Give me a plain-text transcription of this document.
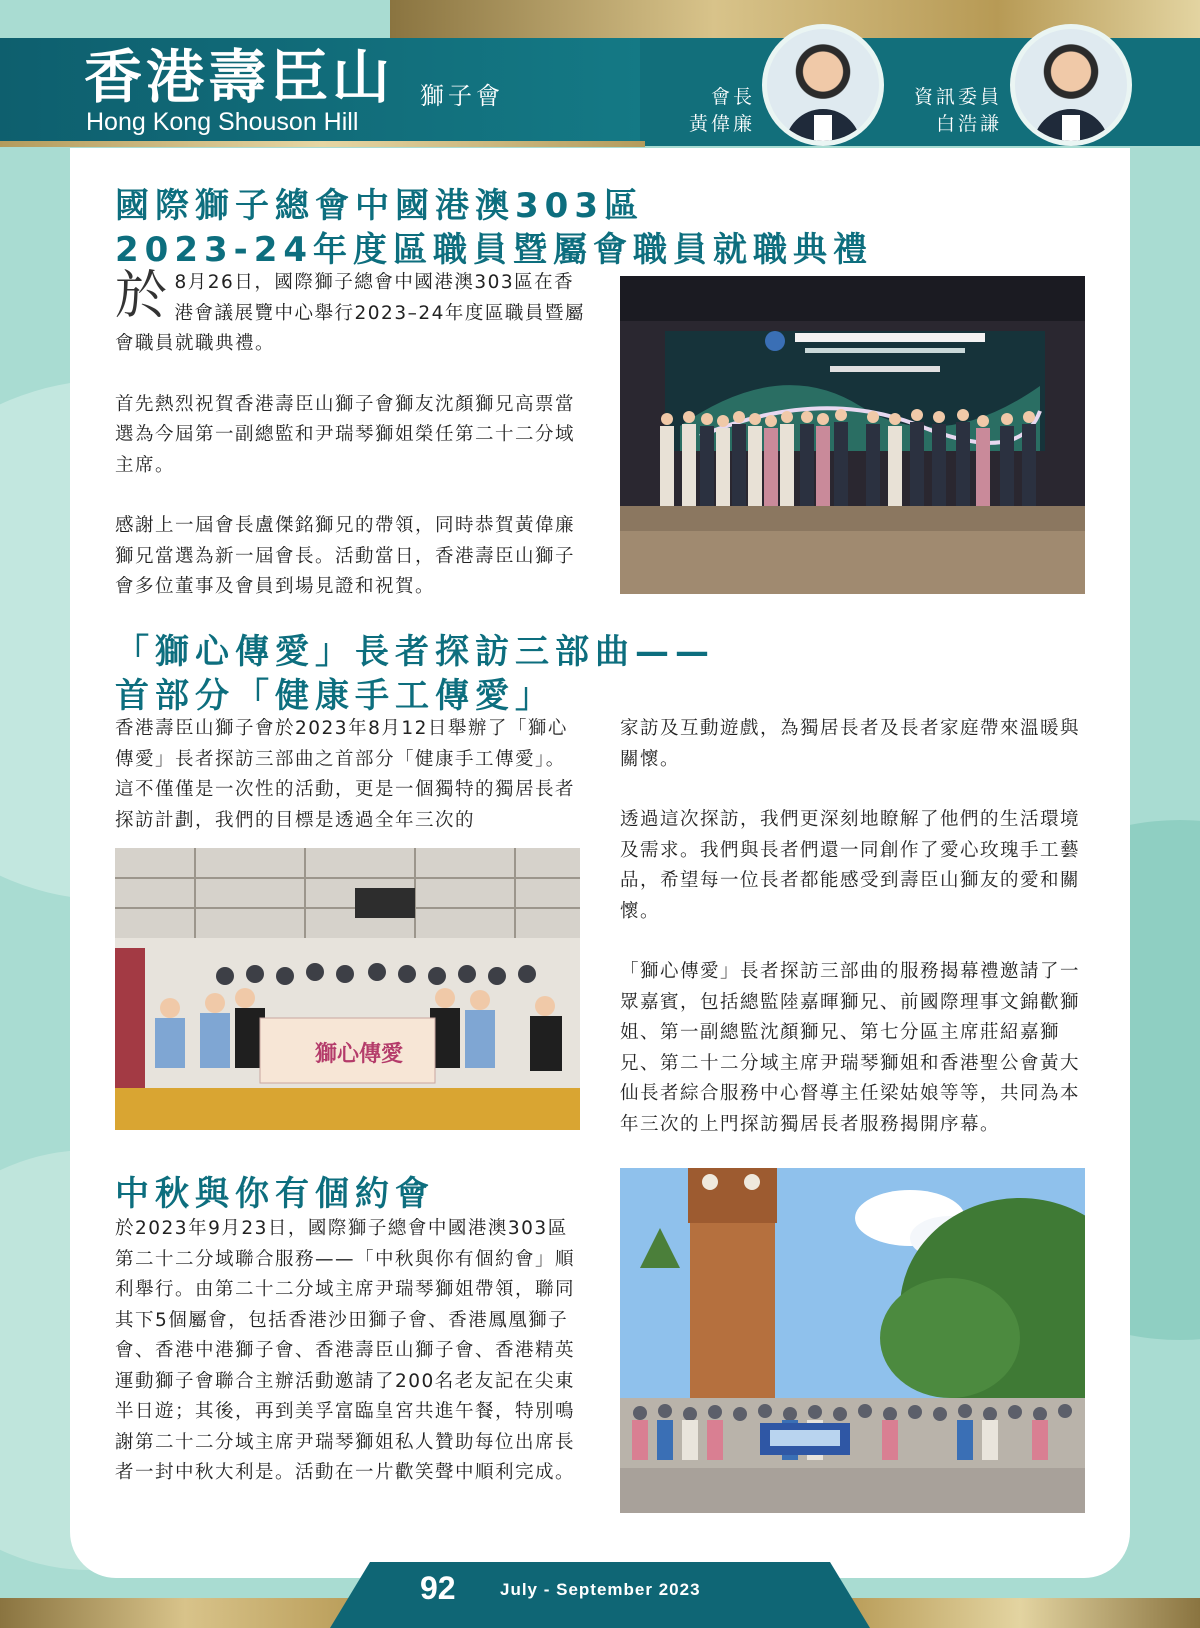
香港壽臣山 獅子會
Hong Kong Shouson Hill
會長
黃偉廉
資訊委員
白浩謙
國際獅子總會中國港澳303區
2023-24年度區職員暨屬會職員就職典禮

於 8月26日，國際獅子總會中國港澳303區在香港會議展覽中心舉行2023–24年度區職員暨屬會職員就職典禮。

首先熱烈祝賀香港壽臣山獅子會獅友沈顏獅兄高票當選為今屆第一副總監和尹瑞琴獅姐榮任第二十二分域主席。

感謝上一屆會長盧傑銘獅兄的帶領，同時恭賀黃偉廉獅兄當選為新一屆會長。活動當日，香港壽臣山獅子會多位董事及會員到場見證和祝賀。

「獅心傳愛」長者探訪三部曲——
首部分「健康手工傳愛」

香港壽臣山獅子會於2023年8月12日舉辦了「獅心傳愛」長者探訪三部曲之首部分「健康手工傳愛」。這不僅僅是一次性的活動，更是一個獨特的獨居長者探訪計劃，我們的目標是透過全年三次的

獅心傳愛

家訪及互動遊戲，為獨居長者及長者家庭帶來溫暖與關懷。

透過這次探訪，我們更深刻地瞭解了他們的生活環境及需求。我們與長者們還一同創作了愛心玫瑰手工藝品，希望每一位長者都能感受到壽臣山獅友的愛和關懷。

「獅心傳愛」長者探訪三部曲的服務揭幕禮邀請了一眾嘉賓，包括總監陸嘉暉獅兄、前國際理事文錦歡獅姐、第一副總監沈顏獅兄、第七分區主席莊紹嘉獅兄、第二十二分域主席尹瑞琴獅姐和香港聖公會黃大仙長者綜合服務中心督導主任梁姑娘等等，共同為本年三次的上門探訪獨居長者服務揭開序幕。

中秋與你有個約會

於2023年9月23日，國際獅子總會中國港澳303區第二十二分域聯合服務——「中秋與你有個約會」順利舉行。由第二十二分域主席尹瑞琴獅姐帶領，聯同其下5個屬會，包括香港沙田獅子會、香港鳳凰獅子會、香港中港獅子會、香港壽臣山獅子會、香港精英運動獅子會聯合主辦活動邀請了200名老友記在尖東半日遊；其後，再到美孚富臨皇宮共進午餐，特別鳴謝第二十二分域主席尹瑞琴獅姐私人贊助每位出席長者一封中秋大利是。活動在一片歡笑聲中順利完成。

92	July - September 2023
